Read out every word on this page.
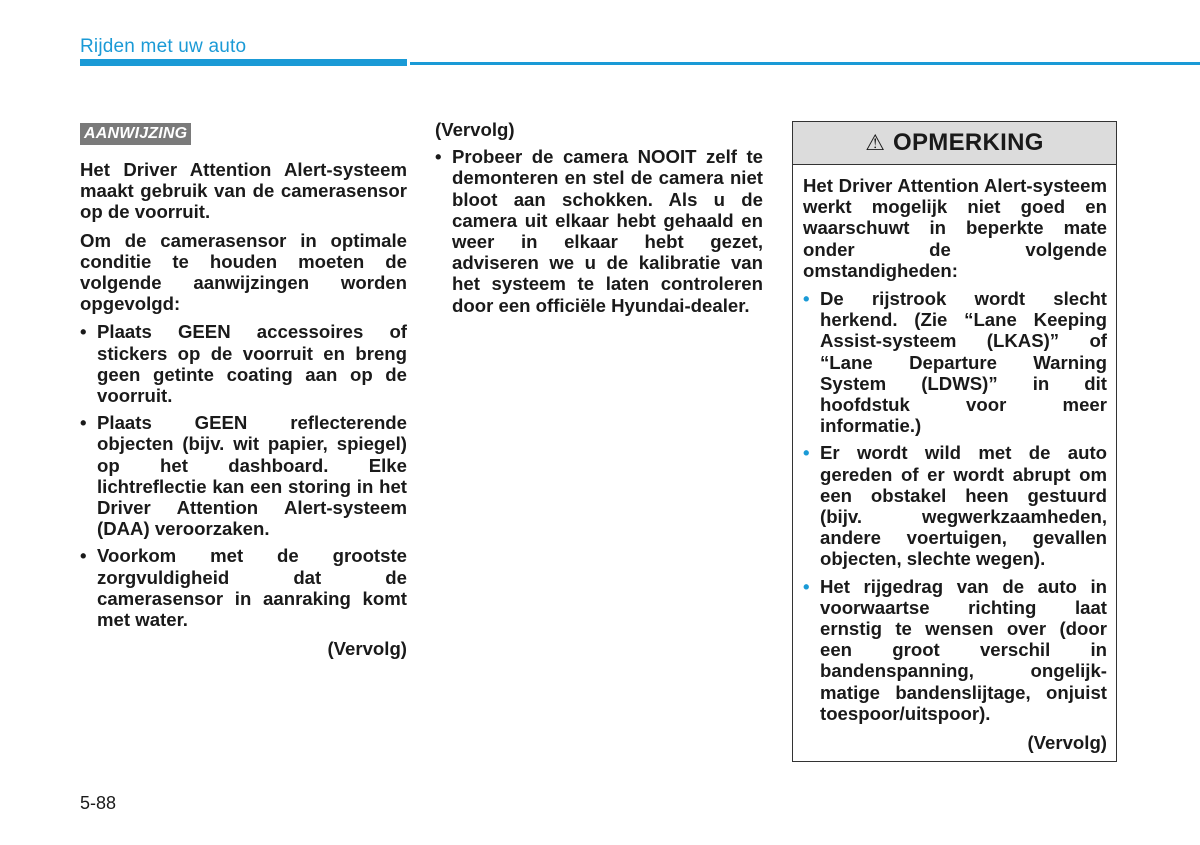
Rijden met uw auto
AANWIJZING

Het Driver Attention Alert-systeem maakt gebruik van de camerasensor op de voorruit.

Om de camerasensor in optimale conditie te houden moeten de volgende aanwijzingen worden opgevolgd:

• Plaats GEEN accessoires of stickers op de voorruit en breng geen getinte coating aan op de voorruit.
• Plaats GEEN reflecterende objecten (bijv. wit papier, spiegel) op het dashboard. Elke lichtreflectie kan een storing in het Driver Attention Alert-systeem (DAA) veroorzaken.
• Voorkom met de grootste zorgvuldigheid dat de camerasensor in aanraking komt met water.
(Vervolg)
(Vervolg)
• Probeer de camera NOOIT zelf te demonteren en stel de camera niet bloot aan schokken. Als u de camera uit elkaar hebt gehaald en weer in elkaar hebt gezet, adviseren we u de kalibratie van het systeem te laten controleren door een officiële Hyundai-dealer.
⚠ OPMERKING

Het Driver Attention Alert-systeem werkt mogelijk niet goed en waarschuwt in beperkte mate onder de volgende omstandigheden:

• De rijstrook wordt slecht herkend. (Zie “Lane Keeping Assist-systeem (LKAS)” of “Lane Departure Warning System (LDWS)” in dit hoofdstuk voor meer informatie.)
• Er wordt wild met de auto gereden of er wordt abrupt om een obstakel heen gestuurd (bijv. wegwerkzaamheden, andere voertuigen, gevallen objecten, slechte wegen).
• Het rijgedrag van de auto in voorwaartse richting laat ernstig te wensen over (door een groot verschil in bandenspanning, ongelijk-matige bandenslijtage, onjuist toespoor/uitspoor).
(Vervolg)
5-88
